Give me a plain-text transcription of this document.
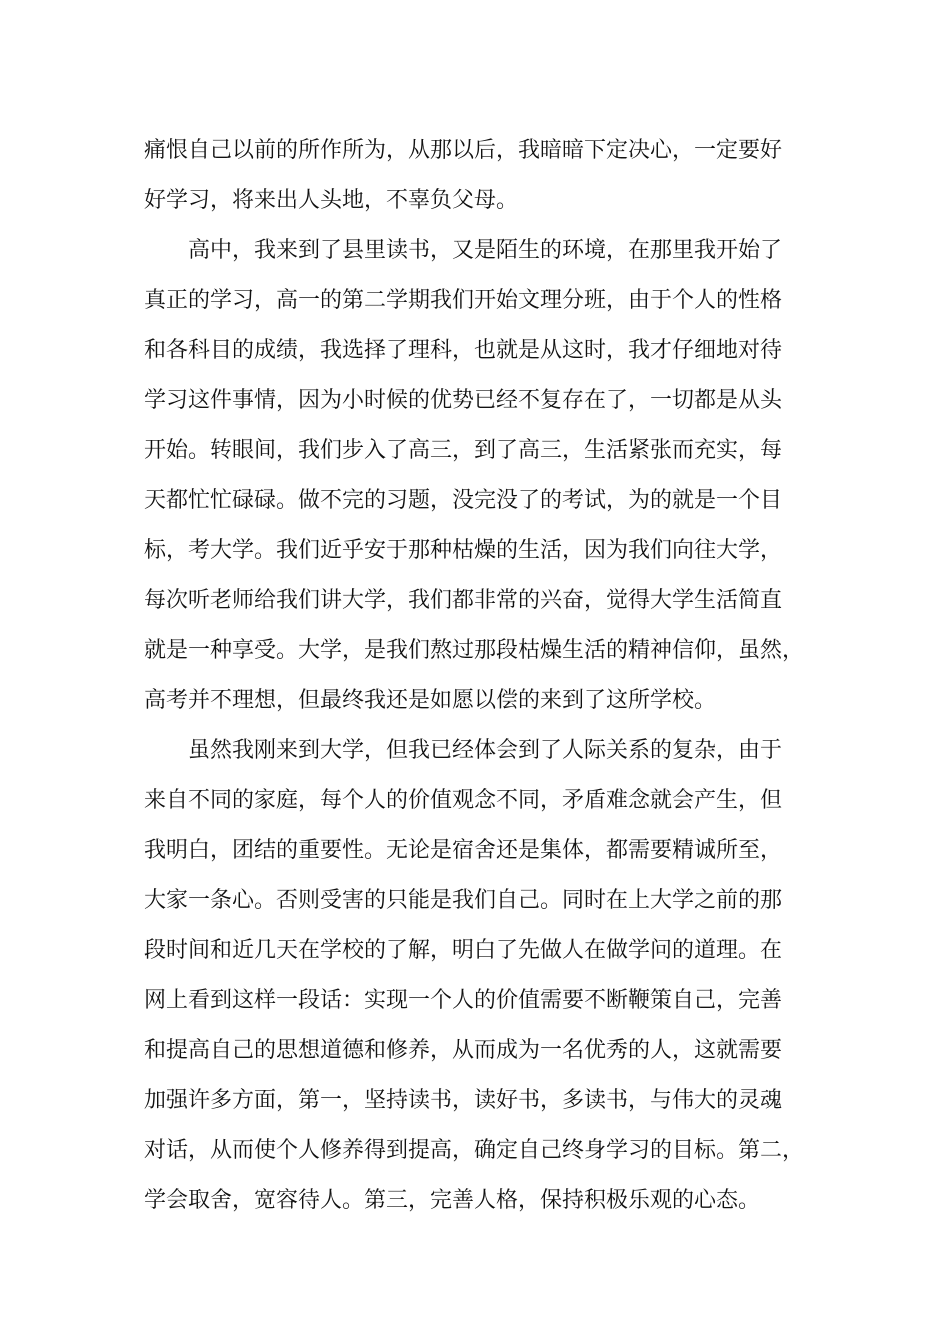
痛恨自己以前的所作所为，从那以后，我暗暗下定决心，一定要好
好学习，将来出人头地，不辜负父母。
高中，我来到了县里读书，又是陌生的环境，在那里我开始了
真正的学习，高一的第二学期我们开始文理分班，由于个人的性格
和各科目的成绩，我选择了理科，也就是从这时，我才仔细地对待
学习这件事情，因为小时候的优势已经不复存在了，一切都是从头
开始。转眼间，我们步入了高三，到了高三，生活紧张而充实，每
天都忙忙碌碌。做不完的习题，没完没了的考试，为的就是一个目
标，考大学。我们近乎安于那种枯燥的生活，因为我们向往大学，
每次听老师给我们讲大学，我们都非常的兴奋，觉得大学生活简直
就是一种享受。大学，是我们熬过那段枯燥生活的精神信仰，虽然，
高考并不理想，但最终我还是如愿以偿的来到了这所学校。
虽然我刚来到大学，但我已经体会到了人际关系的复杂，由于
来自不同的家庭，每个人的价值观念不同，矛盾难念就会产生，但
我明白，团结的重要性。无论是宿舍还是集体，都需要精诚所至，
大家一条心。否则受害的只能是我们自己。同时在上大学之前的那
段时间和近几天在学校的了解，明白了先做人在做学问的道理。在
网上看到这样一段话：实现一个人的价值需要不断鞭策自己，完善
和提高自己的思想道德和修养，从而成为一名优秀的人，这就需要
加强许多方面，第一，坚持读书，读好书，多读书，与伟大的灵魂
对话，从而使个人修养得到提高，确定自己终身学习的目标。第二，
学会取舍，宽容待人。第三，完善人格，保持积极乐观的心态。
